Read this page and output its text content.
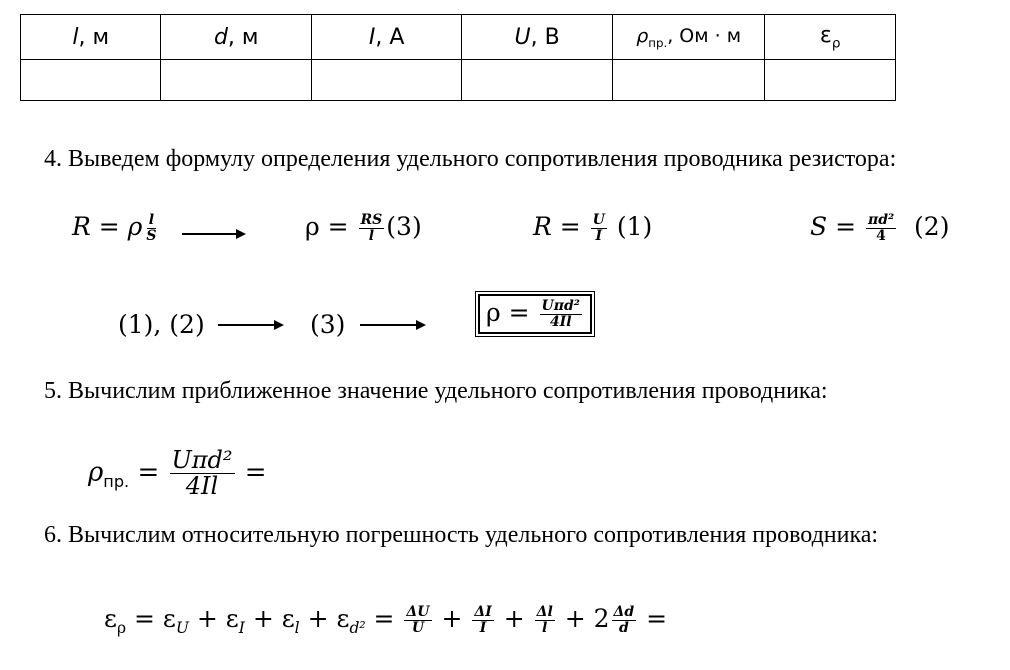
l, м	d, м	I, А	U, В	$\rho_{пр.}$, Ом · м	$\varepsilon_\rho$

4. Выведем формулу определения удельного сопротивления проводника резистора:
R = ρ $\frac{l}{S}$	$\rho = \frac{RS}{l} (3)$	$R = \frac{U}{I} (1)$	$S = \frac{\text{πd²}}{4} (2)$
(1), (2)	(3)	$\rho = \frac{\text{Uπd²}}{4Il}$
5. Вычислим приближенное значение удельного сопротивления проводника:
$\rho_{пр.} = \frac{\text{Uπd²}}{4Il}$ =
6. Вычислим относительную погрешность удельного сопротивления проводника:
$\varepsilon_\rho = \varepsilon_U + \varepsilon_I + \varepsilon_l + \varepsilon_{d^2} = \frac{\Delta U}{U} + \frac{\Delta I}{I} + \frac{\Delta l}{l} + 2 \frac{\Delta d}{d}$ =
